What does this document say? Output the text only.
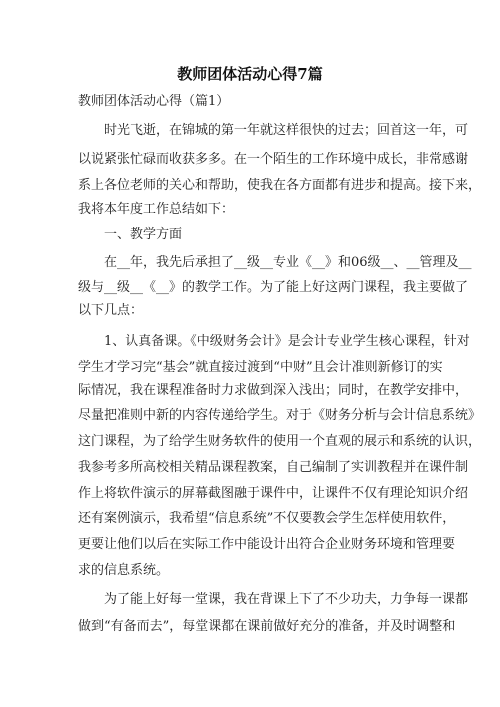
教师团体活动心得7篇
教师团体活动心得（篇1）
时光飞逝，在锦城的第一年就这样很快的过去；回首这一年，可
以说紧张忙碌而收获多多。在一个陌生的工作环境中成长，非常感谢
系上各位老师的关心和帮助，使我在各方面都有进步和提高。接下来，
我将本年度工作总结如下：
一、教学方面
在__年，我先后承担了__级__专业《__》和06级__、__管理及__
级与__级__《__》的教学工作。为了能上好这两门课程，我主要做了
以下几点：
1、认真备课。《中级财务会计》是会计专业学生核心课程，针对
学生才学习完“基会”就直接过渡到“中财”且会计准则新修订的实
际情况，我在课程准备时力求做到深入浅出；同时，在教学安排中，
尽量把准则中新的内容传递给学生。对于《财务分析与会计信息系统》
这门课程，为了给学生财务软件的使用一个直观的展示和系统的认识，
我参考多所高校相关精品课程教案，自己编制了实训教程并在课件制
作上将软件演示的屏幕截图融于课件中，让课件不仅有理论知识介绍
还有案例演示，我希望“信息系统”不仅要教会学生怎样使用软件，
更要让他们以后在实际工作中能设计出符合企业财务环境和管理要
求的信息系统。
为了能上好每一堂课，我在背课上下了不少功夫，力争每一课都
做到“有备而去”，每堂课都在课前做好充分的准备，并及时调整和
